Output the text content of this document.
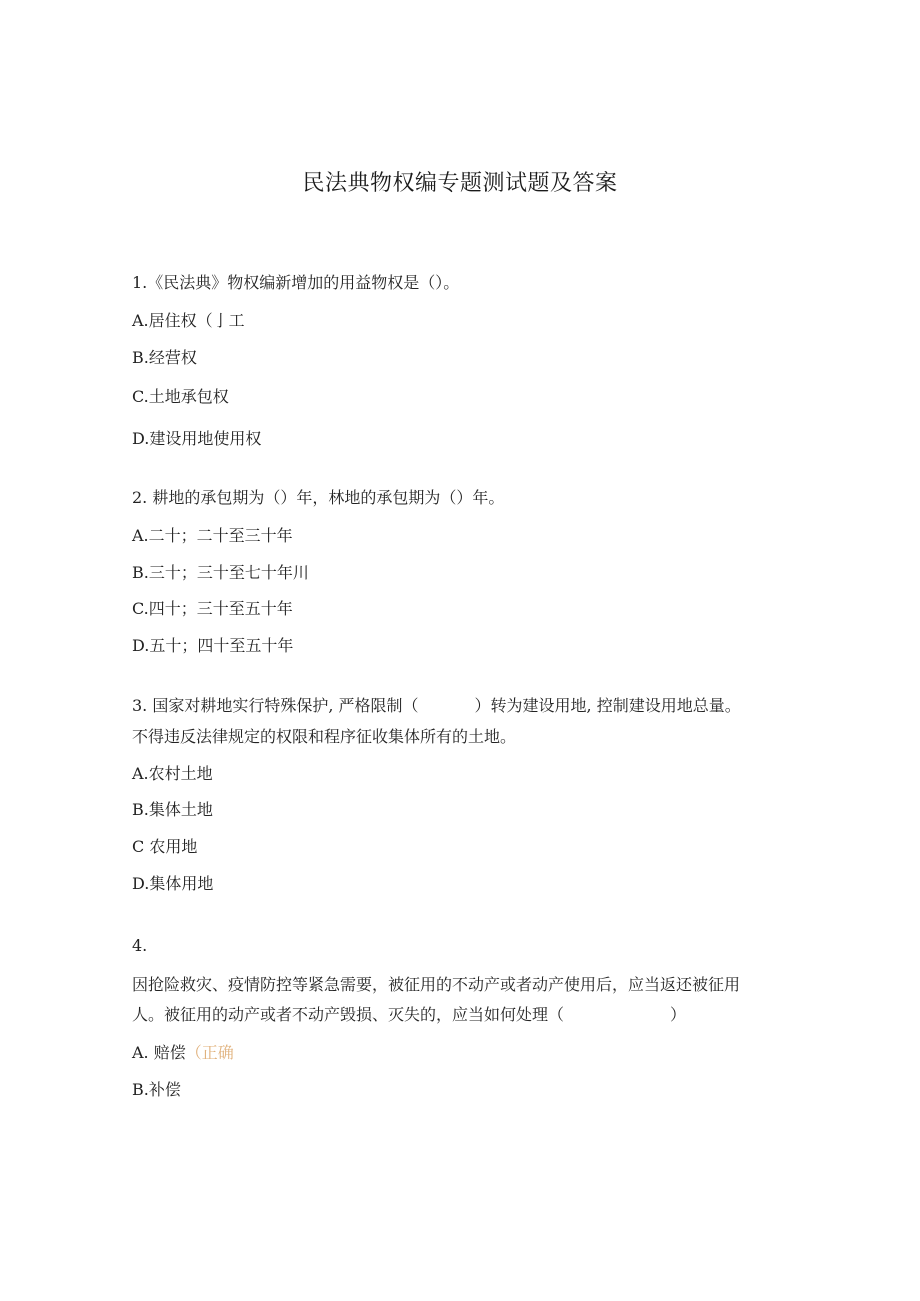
民法典物权编专题测试题及答案
1.《民法典》物权编新增加的用益物权是（）。
A.居住权（亅工
B.经营权
C.土地承包权
D.建设用地使用权
2. 耕地的承包期为（）年，林地的承包期为（）年。
A.二十；二十至三十年
B.三十；三十至七十年川
C.四十；三十至五十年
D.五十；四十至五十年
3. 国家对耕地实行特殊保护, 严格限制（	）转为建设用地, 控制建设用地总量。
不得违反法律规定的权限和程序征收集体所有的土地。
A.农村土地
B.集体土地
C 农用地
D.集体用地
4.
因抢险救灾、疫情防控等紧急需要，被征用的不动产或者动产使用后，应当返还被征用
人。被征用的动产或者不动产毁损、灭失的，应当如何处理（	）
A. 赔偿（正确
B.补偿
